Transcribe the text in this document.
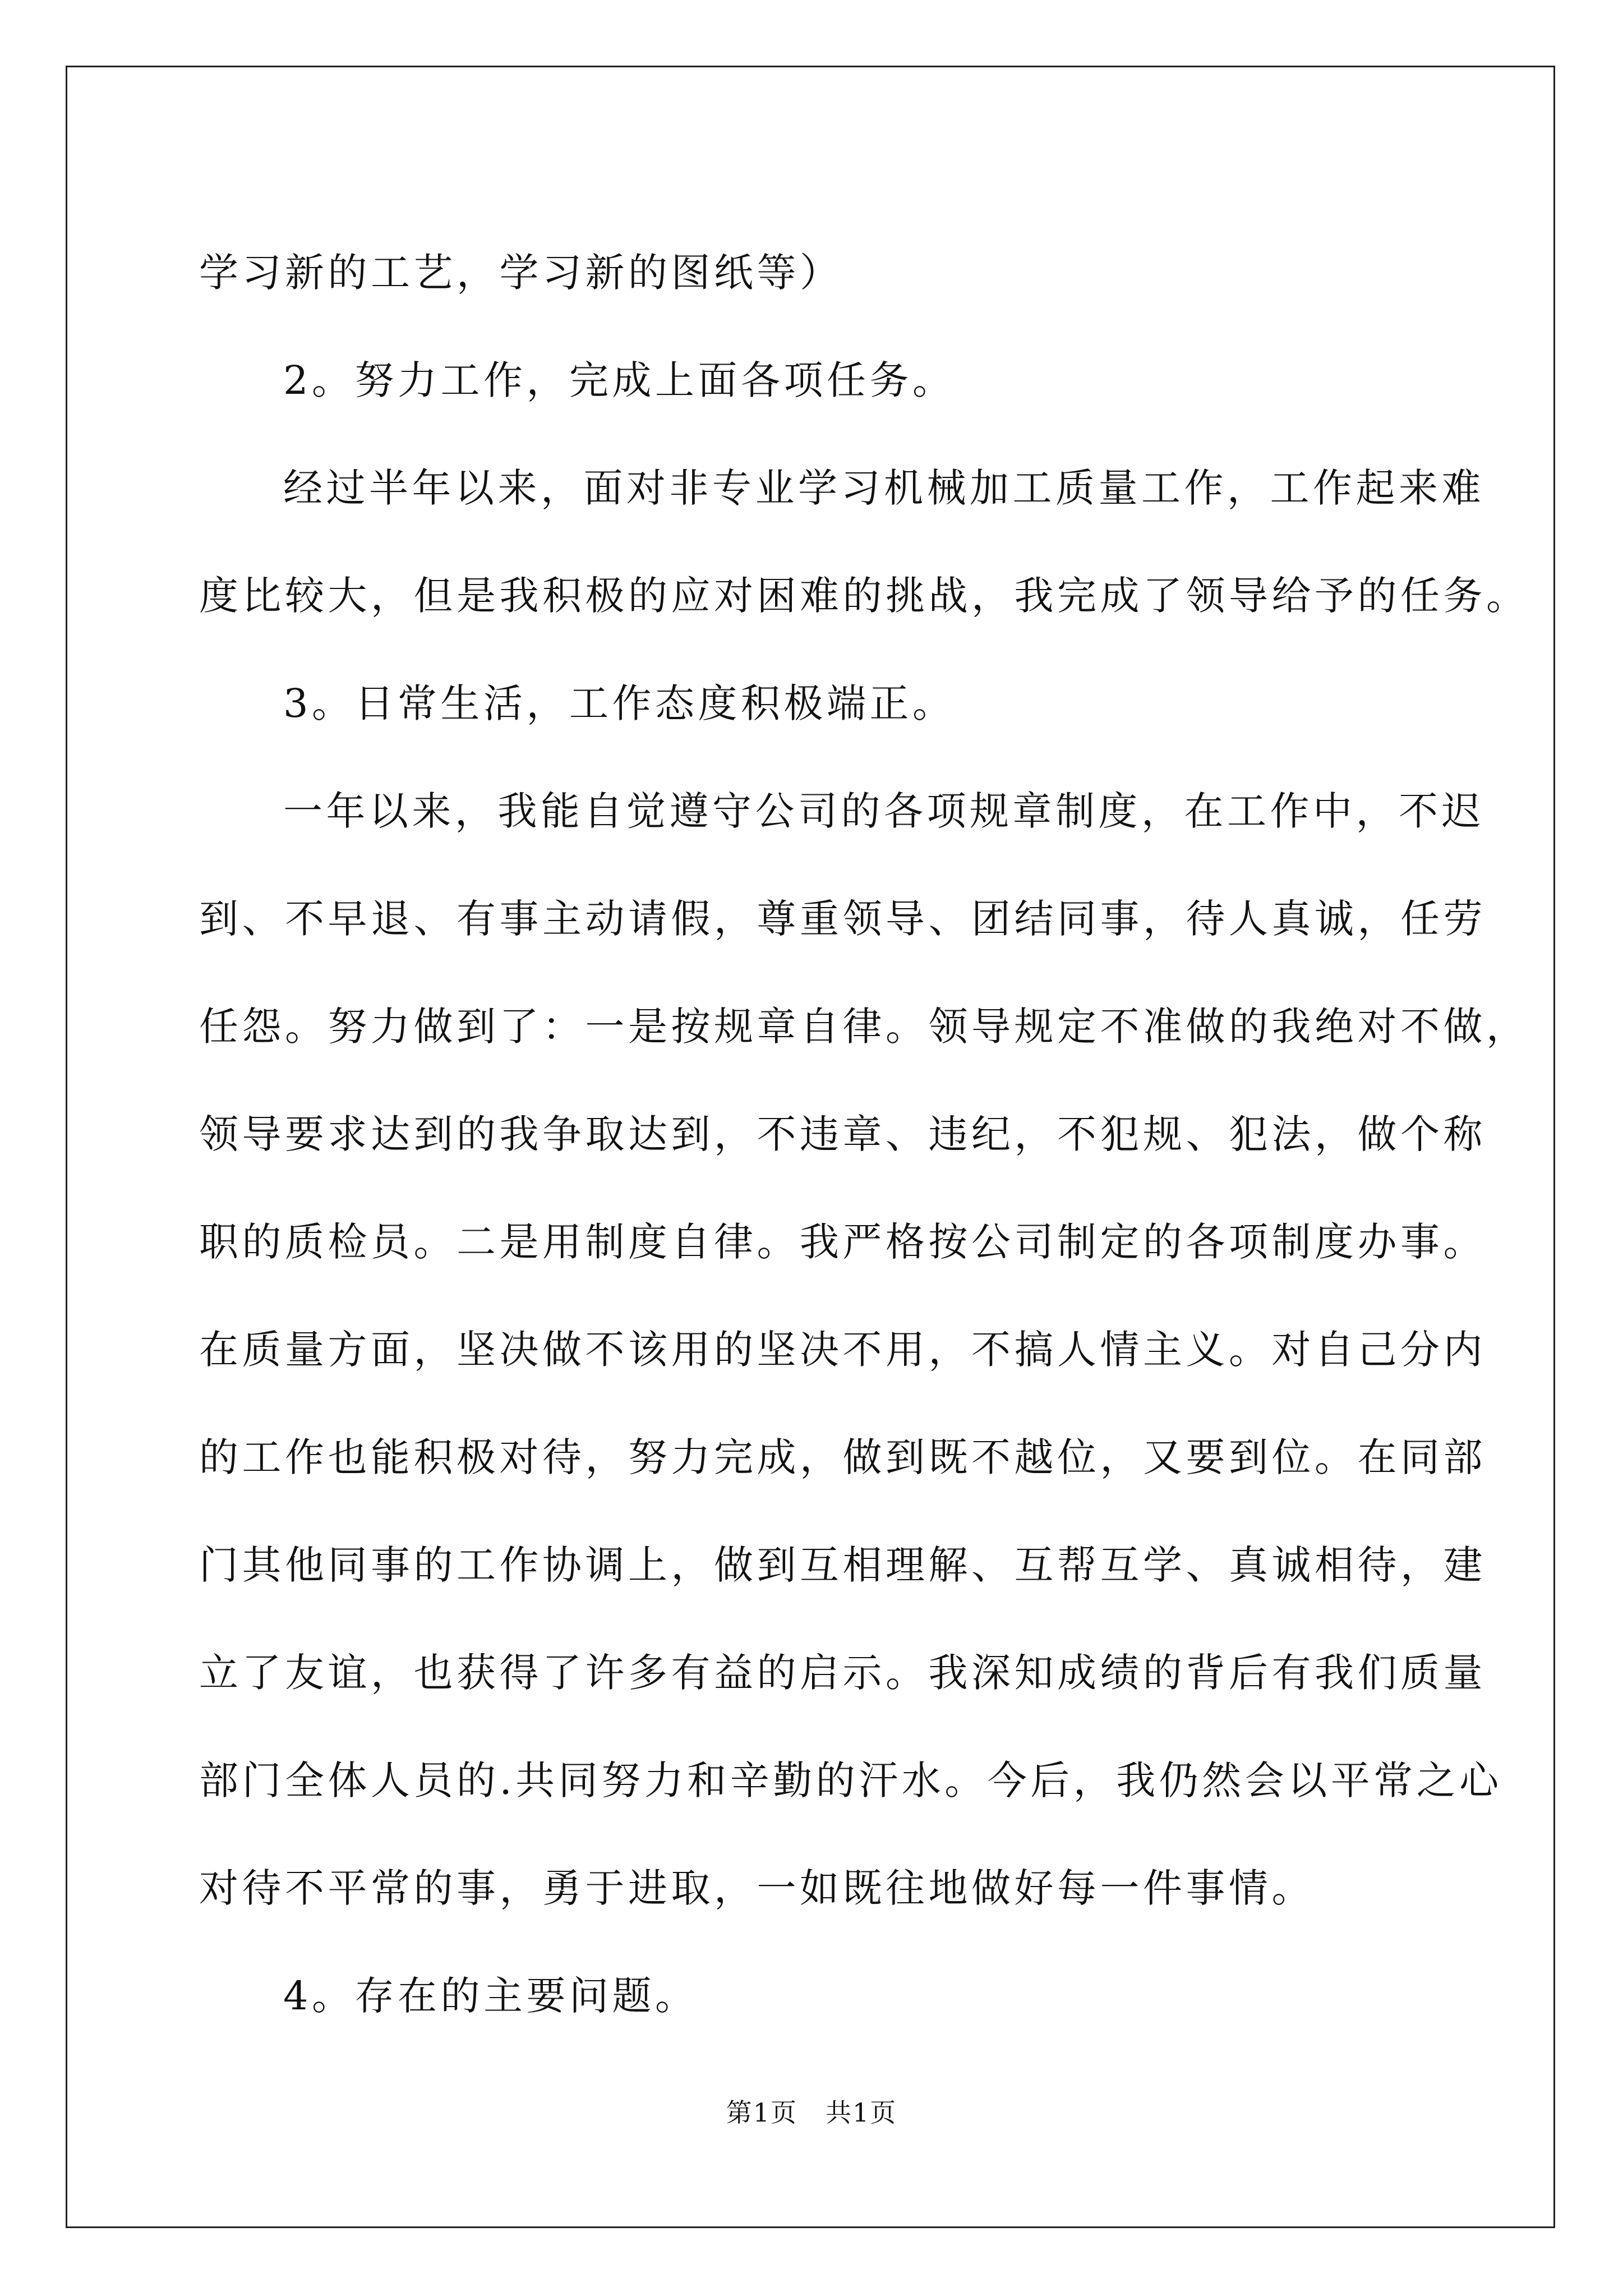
学习新的工艺，学习新的图纸等）
2。努力工作，完成上面各项任务。
经过半年以来，面对非专业学习机械加工质量工作，工作起来难
度比较大，但是我积极的应对困难的挑战，我完成了领导给予的任务。
3。日常生活，工作态度积极端正。
一年以来，我能自觉遵守公司的各项规章制度，在工作中，不迟
到、不早退、有事主动请假，尊重领导、团结同事，待人真诚，任劳
任怨。努力做到了：一是按规章自律。领导规定不准做的我绝对不做，
领导要求达到的我争取达到，不违章、违纪，不犯规、犯法，做个称
职的质检员。二是用制度自律。我严格按公司制定的各项制度办事。
在质量方面，坚决做不该用的坚决不用，不搞人情主义。对自己分内
的工作也能积极对待，努力完成，做到既不越位，又要到位。在同部
门其他同事的工作协调上，做到互相理解、互帮互学、真诚相待，建
立了友谊，也获得了许多有益的启示。我深知成绩的背后有我们质量
部门全体人员的.共同努力和辛勤的汗水。今后，我仍然会以平常之心
对待不平常的事，勇于进取，一如既往地做好每一件事情。
4。存在的主要问题。
第1页 共1页
